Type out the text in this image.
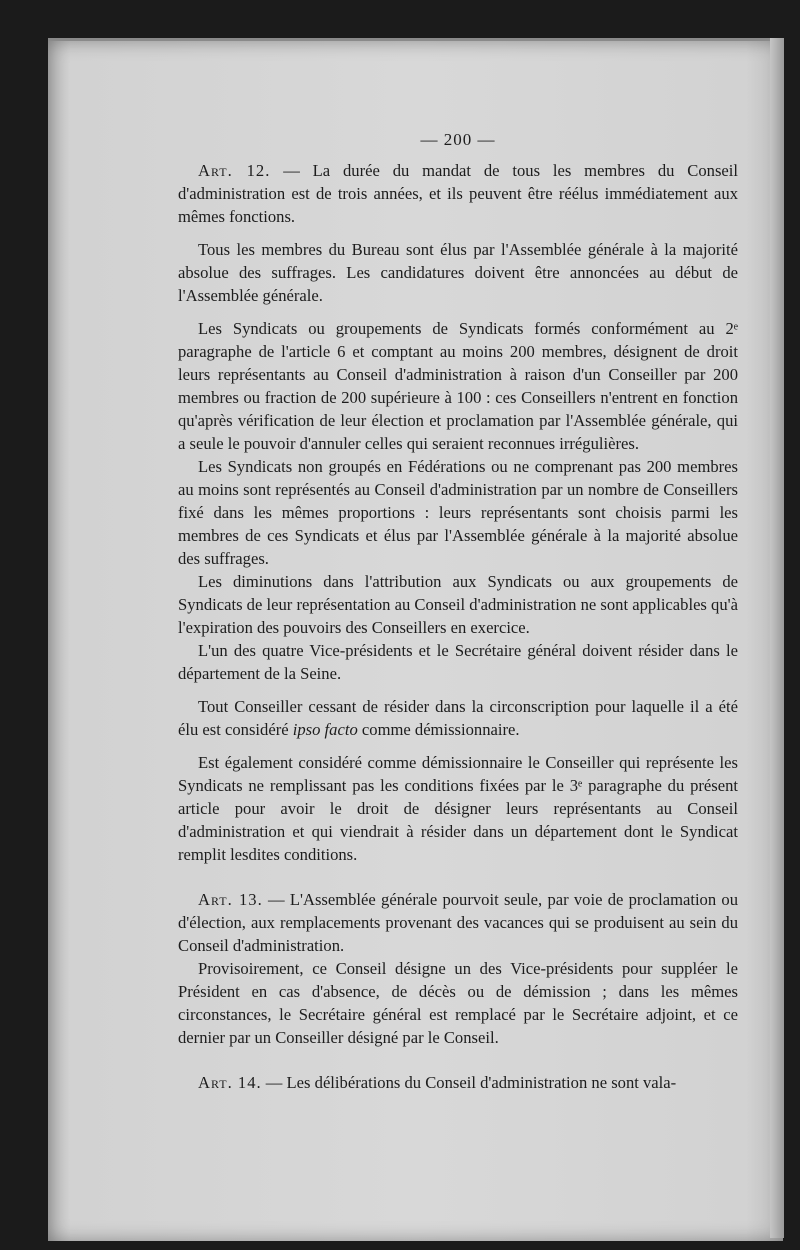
— 200 —

Art. 12. — La durée du mandat de tous les membres du Conseil d'administration est de trois années, et ils peuvent être réélus immédiatement aux mêmes fonctions.

Tous les membres du Bureau sont élus par l'Assemblée générale à la majorité absolue des suffrages. Les candidatures doivent être annoncées au début de l'Assemblée générale.

Les Syndicats ou groupements de Syndicats formés conformément au 2ᵉ paragraphe de l'article 6 et comptant au moins 200 membres, désignent de droit leurs représentants au Conseil d'administration à raison d'un Conseiller par 200 membres ou fraction de 200 supérieure à 100 : ces Conseillers n'entrent en fonction qu'après vérification de leur élection et proclamation par l'Assemblée générale, qui a seule le pouvoir d'annuler celles qui seraient reconnues irrégulières.

Les Syndicats non groupés en Fédérations ou ne comprenant pas 200 membres au moins sont représentés au Conseil d'administration par un nombre de Conseillers fixé dans les mêmes proportions : leurs représentants sont choisis parmi les membres de ces Syndicats et élus par l'Assemblée générale à la majorité absolue des suffrages.

Les diminutions dans l'attribution aux Syndicats ou aux groupements de Syndicats de leur représentation au Conseil d'administration ne sont applicables qu'à l'expiration des pouvoirs des Conseillers en exercice.

L'un des quatre Vice-présidents et le Secrétaire général doivent résider dans le département de la Seine.

Tout Conseiller cessant de résider dans la circonscription pour laquelle il a été élu est considéré ipso facto comme démissionnaire.

Est également considéré comme démissionnaire le Conseiller qui représente les Syndicats ne remplissant pas les conditions fixées par le 3ᵉ paragraphe du présent article pour avoir le droit de désigner leurs représentants au Conseil d'administration et qui viendrait à résider dans un département dont le Syndicat remplit lesdites conditions.

Art. 13. — L'Assemblée générale pourvoit seule, par voie de proclamation ou d'élection, aux remplacements provenant des vacances qui se produisent au sein du Conseil d'administration.

Provisoirement, ce Conseil désigne un des Vice-présidents pour suppléer le Président en cas d'absence, de décès ou de démission ; dans les mêmes circonstances, le Secrétaire général est remplacé par le Secrétaire adjoint, et ce dernier par un Conseiller désigné par le Conseil.

Art. 14. — Les délibérations du Conseil d'administration ne sont vala-
